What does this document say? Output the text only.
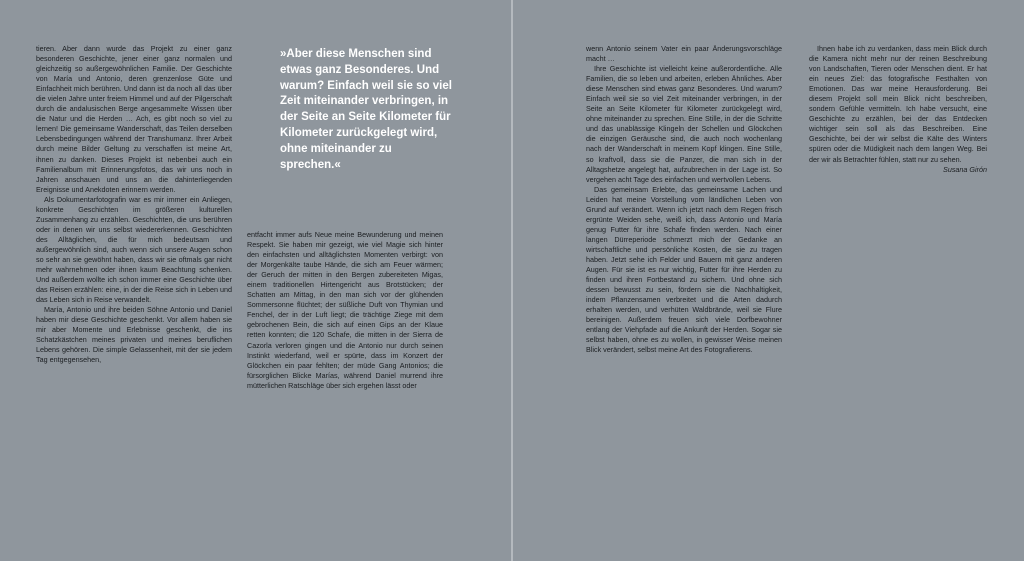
tieren. Aber dann wurde das Projekt zu einer ganz besonderen Geschichte, jener einer ganz normalen und gleichzeitig so außergewöhnlichen Familie. Der Geschichte von María und Antonio, deren grenzenlose Güte und Einfachheit mich berühren. Und dann ist da noch all das über die vielen Jahre unter freiem Himmel und auf der Pilgerschaft durch die andalusischen Berge angesammelte Wissen über die Natur und die Herden … Ach, es gibt noch so viel zu lernen! Die gemeinsame Wanderschaft, das Teilen derselben Lebensbedingungen während der Transhumanz. Ihrer Arbeit durch meine Bilder Geltung zu verschaffen ist meine Art, ihnen zu danken. Dieses Projekt ist nebenbei auch ein Familienalbum mit Erinnerungsfotos, das wir uns noch in Jahren anschauen und uns an die dahinterliegenden Ereignisse und Anekdoten erinnern werden.

Als Dokumentarfotografin war es mir immer ein Anliegen, konkrete Geschichten im größeren kulturellen Zusammenhang zu erzählen. Geschichten, die uns berühren oder in denen wir uns selbst wiedererkennen. Geschichten des Alltäglichen, die für mich bedeutsam und außergewöhnlich sind, auch wenn sich unsere Augen schon so sehr an sie gewöhnt haben, dass wir sie oftmals gar nicht mehr wahrnehmen oder ihnen kaum Beachtung schenken. Und außerdem wollte ich schon immer eine Geschichte über das Reisen erzählen: eine, in der die Reise sich in Leben und das Leben sich in Reise verwandelt.

María, Antonio und ihre beiden Söhne Antonio und Daniel haben mir diese Geschichte geschenkt. Vor allem haben sie mir aber Momente und Erlebnisse geschenkt, die ins Schatzkästchen meines privaten und meines beruflichen Lebens gehören. Die simple Gelassenheit, mit der sie jedem Tag entgegensehen,

»Aber diese Menschen sind etwas ganz Besonderes. Und warum? Einfach weil sie so viel Zeit miteinander verbringen, in der Seite an Seite Kilometer für Kilometer zurückgelegt wird, ohne miteinander zu sprechen.«

entfacht immer aufs Neue meine Bewunderung und meinen Respekt. Sie haben mir gezeigt, wie viel Magie sich hinter den einfachsten und alltäglichsten Momenten verbirgt: von der Morgenkälte taube Hände, die sich am Feuer wärmen; der Geruch der mitten in den Bergen zubereiteten Migas, einem traditionellen Hirtengericht aus Brotstücken; der Schatten am Mittag, in den man sich vor der glühenden Sommersonne flüchtet; der süßliche Duft von Thymian und Fenchel, der in der Luft liegt; die trächtige Ziege mit dem gebrochenen Bein, die sich auf einen Gips an der Klaue retten konnten; die 120 Schafe, die mitten in der Sierra de Cazorla verloren gingen und die Antonio nur durch seinen Instinkt wiederfand, weil er spürte, dass im Konzert der Glöckchen ein paar fehlten; der müde Gang Antonios; die fürsorglichen Blicke Marías, während Daniel murrend ihre mütterlichen Ratschläge über sich ergehen lässt oder

wenn Antonio seinem Vater ein paar Änderungsvorschläge macht …

Ihre Geschichte ist vielleicht keine außerordentliche. Alle Familien, die so leben und arbeiten, erleben Ähnliches. Aber diese Menschen sind etwas ganz Besonderes. Und warum? Einfach weil sie so viel Zeit miteinander verbringen, in der Seite an Seite Kilometer für Kilometer zurückgelegt wird, ohne miteinander zu sprechen. Eine Stille, in der die Schritte und das unablässige Klingeln der Schellen und Glöckchen die einzigen Geräusche sind, die auch noch wochenlang nach der Wanderschaft in meinem Kopf klingen. Eine Stille, so kraftvoll, dass sie die Panzer, die man sich in der Alltagshetze angelegt hat, aufzubrechen in der Lage ist. So vergehen acht Tage des einfachen und wertvollen Lebens.

Das gemeinsam Erlebte, das gemeinsame Lachen und Leiden hat meine Vorstellung vom ländlichen Leben von Grund auf verändert. Wenn ich jetzt nach dem Regen frisch ergrünte Weiden sehe, weiß ich, dass Antonio und María genug Futter für ihre Schafe finden werden. Nach einer langen Dürreperiode schmerzt mich der Gedanke an wirtschaftliche und persönliche Kosten, die sie zu tragen haben. Jetzt sehe ich Felder und Bauern mit ganz anderen Augen. Für sie ist es nur wichtig, Futter für ihre Herden zu finden und ihren Fortbestand zu sichern. Und ohne sich dessen bewusst zu sein, fördern sie die Nachhaltigkeit, indem Pflanzensamen verbreitet und die Arten dadurch erhalten werden, und verhüten Waldbrände, weil sie Flure bereinigen. Außerdem freuen sich viele Dorfbewohner entlang der Viehpfade auf die Ankunft der Herden. Sogar sie selbst haben, ohne es zu wollen, in gewisser Weise meinen Blick verändert, selbst meine Art des Fotografierens.

Ihnen habe ich zu verdanken, dass mein Blick durch die Kamera nicht mehr nur der reinen Beschreibung von Landschaften, Tieren oder Menschen dient. Er hat ein neues Ziel: das fotografische Festhalten von Emotionen. Das war meine Herausforderung. Bei diesem Projekt soll mein Blick nicht beschreiben, sondern Gefühle vermitteln. Ich habe versucht, eine Geschichte zu erzählen, bei der das Entdecken wichtiger sein soll als das Beschreiben. Eine Geschichte, bei der wir selbst die Kälte des Winters spüren oder die Müdigkeit nach dem langen Weg. Bei der wir als Betrachter fühlen, statt nur zu sehen.

Susana Girón
